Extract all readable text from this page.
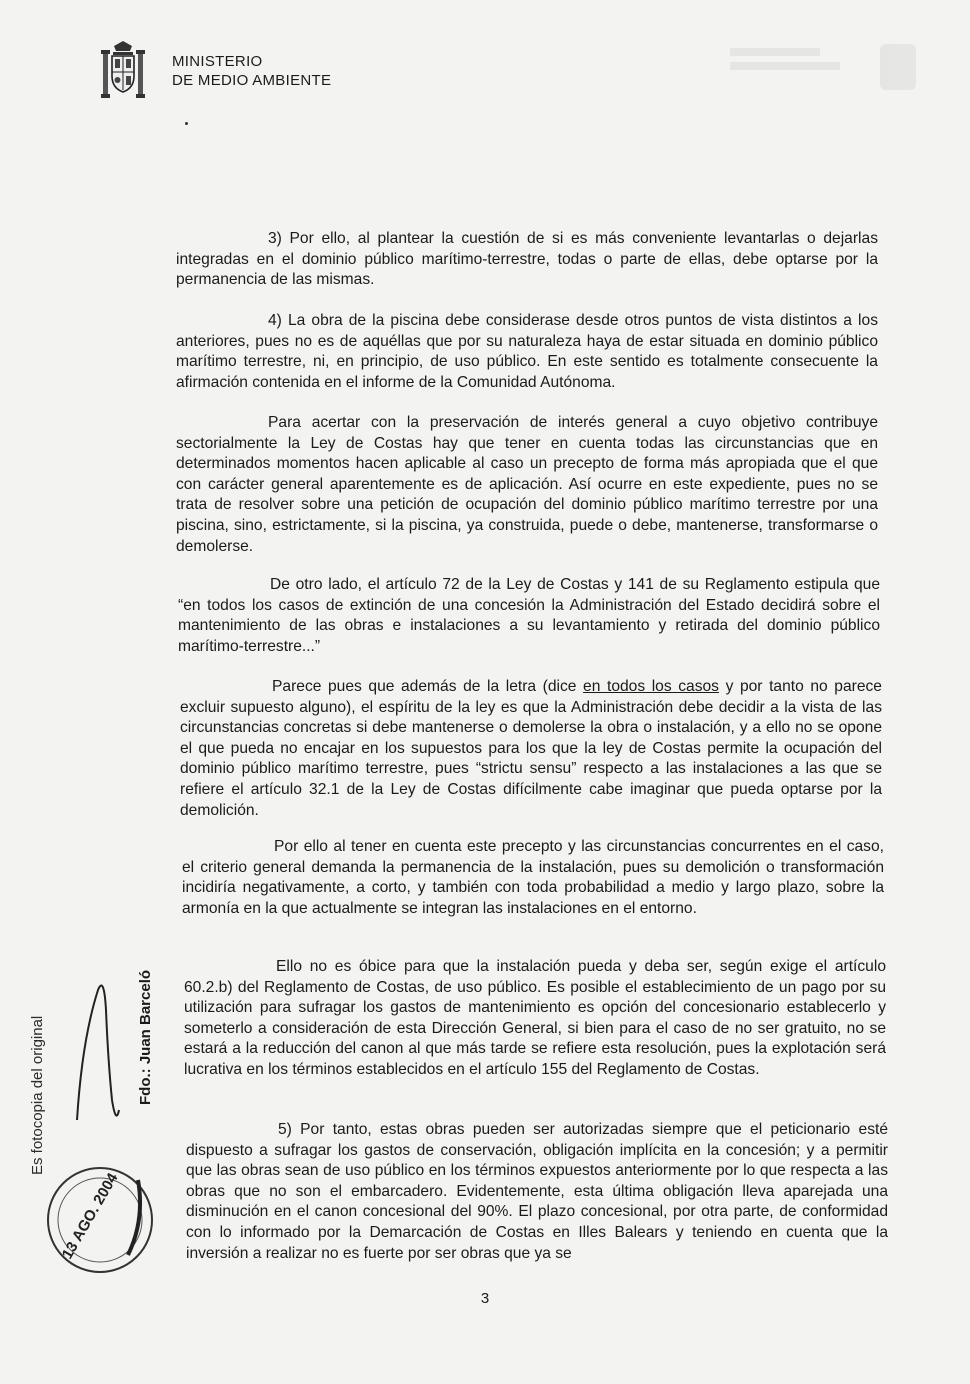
MINISTERIO
DE MEDIO AMBIENTE

3) Por ello, al plantear la cuestión de si es más conveniente levantarlas o dejarlas integradas en el dominio público marítimo-terrestre, todas o parte de ellas, debe optarse por la permanencia de las mismas.

4) La obra de la piscina debe considerase desde otros puntos de vista distintos a los anteriores, pues no es de aquéllas que por su naturaleza haya de estar situada en dominio público marítimo terrestre, ni, en principio, de uso público. En este sentido es totalmente consecuente la afirmación contenida en el informe de la Comunidad Autónoma.

Para acertar con la preservación de interés general a cuyo objetivo contribuye sectorialmente la Ley de Costas hay que tener en cuenta todas las circunstancias que en determinados momentos hacen aplicable al caso un precepto de forma más apropiada que el que con carácter general aparentemente es de aplicación. Así ocurre en este expediente, pues no se trata de resolver sobre una petición de ocupación del dominio público marítimo terrestre por una piscina, sino, estrictamente, si la piscina, ya construida, puede o debe, mantenerse, transformarse o demolerse.

De otro lado, el artículo 72 de la Ley de Costas y 141 de su Reglamento estipula que “en todos los casos de extinción de una concesión la Administración del Estado decidirá sobre el mantenimiento de las obras e instalaciones a su levantamiento y retirada del dominio público marítimo-terrestre...”

Parece pues que además de la letra (dice en todos los casos y por tanto no parece excluir supuesto alguno), el espíritu de la ley es que la Administración debe decidir a la vista de las circunstancias concretas si debe mantenerse o demolerse la obra o instalación, y a ello no se opone el que pueda no encajar en los supuestos para los que la ley de Costas permite la ocupación del dominio público marítimo terrestre, pues “strictu sensu” respecto a las instalaciones a las que se refiere el artículo 32.1 de la Ley de Costas difícilmente cabe imaginar que pueda optarse por la demolición.

Por ello al tener en cuenta este precepto y las circunstancias concurrentes en el caso, el criterio general demanda la permanencia de la instalación, pues su demolición o transformación incidiría negativamente, a corto, y también con toda probabilidad a medio y largo plazo, sobre la armonía en la que actualmente se integran las instalaciones en el entorno.

Ello no es óbice para que la instalación pueda y deba ser, según exige el artículo 60.2.b) del Reglamento de Costas, de uso público. Es posible el establecimiento de un pago por su utilización para sufragar los gastos de mantenimiento es opción del concesionario establecerlo y someterlo a consideración de esta Dirección General, si bien para el caso de no ser gratuito, no se estará a la reducción del canon al que más tarde se refiere esta resolución, pues la explotación será lucrativa en los términos establecidos en el artículo 155 del Reglamento de Costas.

5) Por tanto, estas obras pueden ser autorizadas siempre que el peticionario esté dispuesto a sufragar los gastos de conservación, obligación implícita en la concesión; y a permitir que las obras sean de uso público en los términos expuestos anteriormente por lo que respecta a las obras que no son el embarcadero. Evidentemente, esta última obligación lleva aparejada una disminución en el canon concesional del 90%. El plazo concesional, por otra parte, de conformidad con lo informado por la Demarcación de Costas en Illes Balears y teniendo en cuenta que la inversión a realizar no es fuerte por ser obras que ya se

Es fotocopia del original	Fdo.: Juan Barceló
13 AGO. 2004
3
